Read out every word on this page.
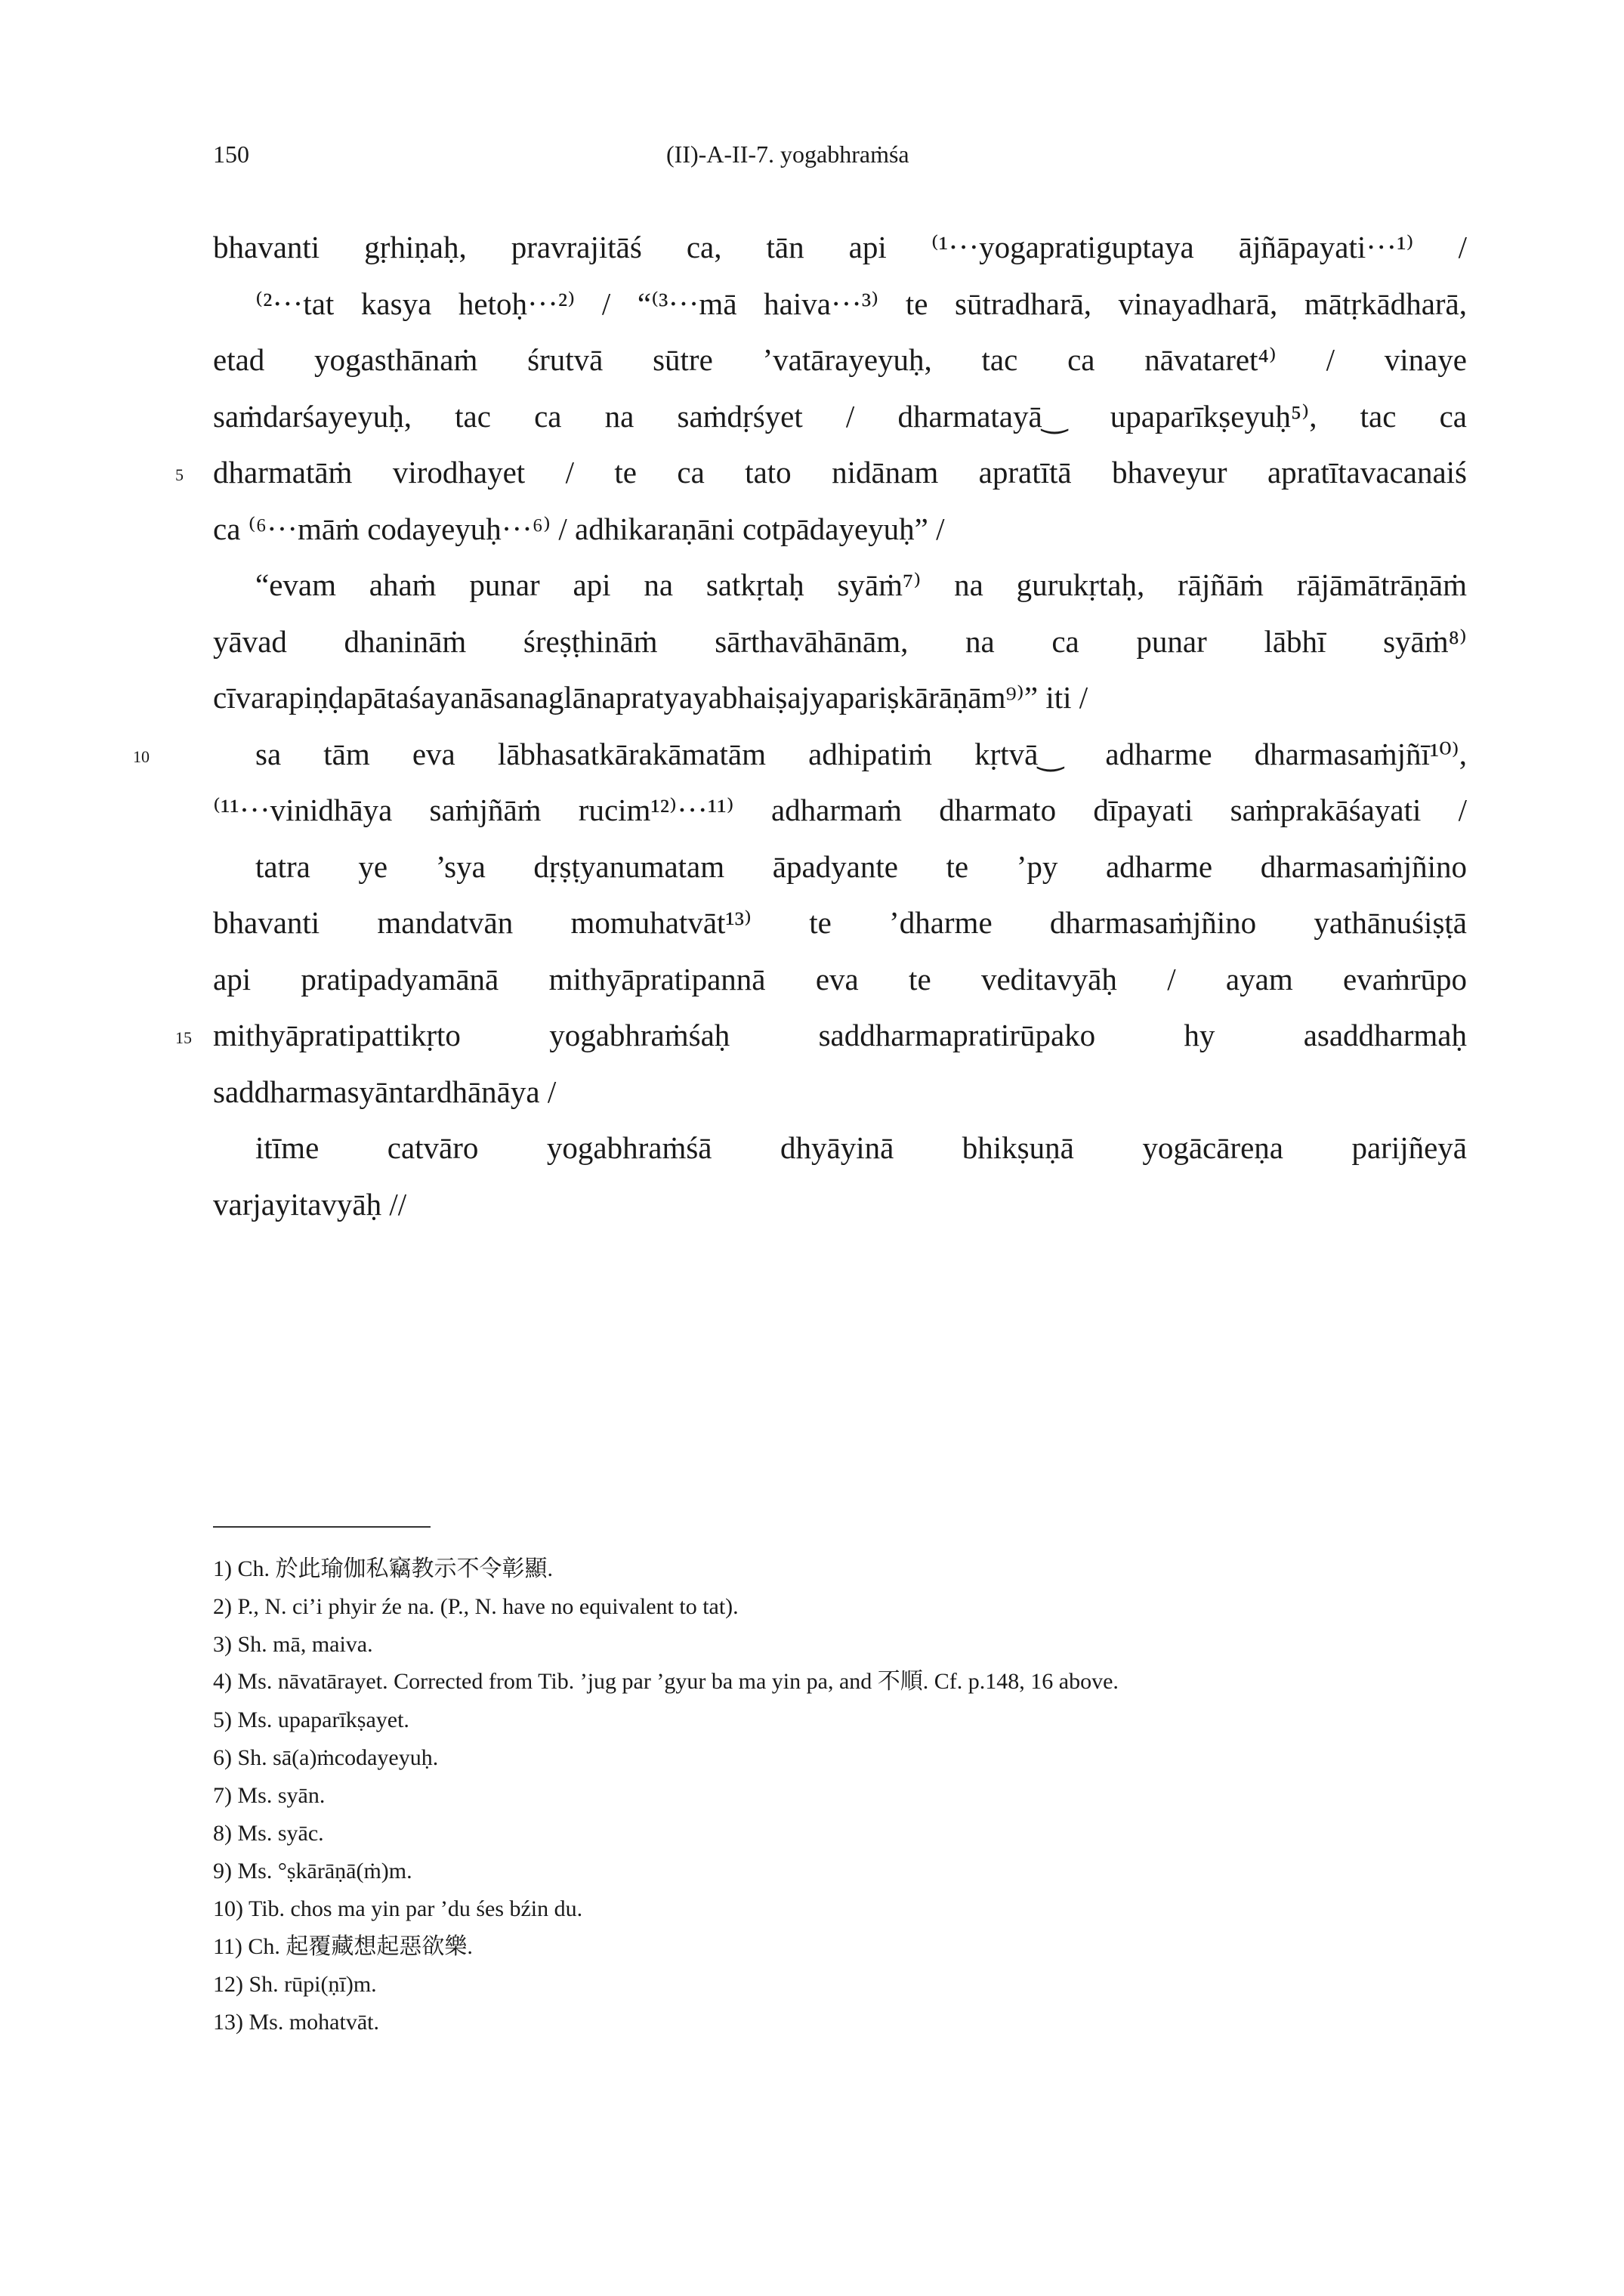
150	(II)-A-II-7. yogabhraṁśa
bhavanti gṛhiṇaḥ, pravrajitāś ca, tān api ⁽¹···yogapratiguptaya ājñāpayati···¹⁾ /
⁽²···tat kasya hetoḥ···²⁾ / “⁽³···mā haiva···³⁾ te sūtradharā, vinayadharā, mātṛkādharā,
etad yogasthānaṁ śrutvā sūtre ’vatārayeyuḥ, tac ca nāvataret⁴⁾ / vinaye
saṁdarśayeyuḥ, tac ca na saṁdṛśyet / dharmatayā‿ upaparīkṣeyuḥ⁵⁾, tac ca
5 dharmatāṁ virodhayet / te ca tato nidānam apratītā bhaveyur apratītavacanaiś
ca ⁽⁶···māṁ codayeyuḥ···⁶⁾ / adhikaraṇāni cotpādayeyuḥ” /
“evam ahaṁ punar api na satkṛtaḥ syāṁ⁷⁾ na gurukṛtaḥ, rājñāṁ rājāmātrāṇāṁ
yāvad dhanināṁ śreṣṭhināṁ sārthavāhānām, na ca punar lābhī syāṁ⁸⁾
cīvarapiṇḍapātaśayanāsanaglānapratyayabhaiṣajyapariṣkārāṇām⁹⁾” iti /
10	sa tām eva lābhasatkārakāmatām adhipatiṁ kṛtvā‿ adharme dharmasaṁjñī¹⁰⁾,
⁽¹¹···vinidhāya saṁjñāṁ rucim¹²⁾···¹¹⁾ adharmaṁ dharmato dīpayati saṁprakāśayati /
tatra ye ’sya dṛṣṭyanumatam āpadyante te ’py adharme dharmasaṁjñino
bhavanti mandatvān momuhatvāt¹³⁾ te ’dharme dharmasaṁjñino yathānuśiṣṭā
api pratipadyamānā mithyāpratipannā eva te veditavyāḥ / ayam evaṁrūpo
15 mithyāpratipattikṛto yogabhraṁśaḥ saddharmapratirūpako hy asaddharmaḥ
saddharmasyāntardhānāya /
itīme catvāro yogabhraṁśā dhyāyinā bhikṣuṇā yogācāreṇa parijñeyā
varjayitavyāḥ //
1) Ch. 於此瑜伽私竊教示不令彰顯.
2) P., N. ci’i phyir źe na. (P., N. have no equivalent to tat).
3) Sh. mā, maiva.
4) Ms. nāvatārayet. Corrected from Tib. ’jug par ’gyur ba ma yin pa, and 不順. Cf. p.148, 16 above.
5) Ms. upaparīkṣayet.
6) Sh. sā(a)ṁcodayeyuḥ.
7) Ms. syān.
8) Ms. syāc.
9) Ms. °ṣkārāṇā(ṁ)m.
10) Tib. chos ma yin par ’du śes bźin du.
11) Ch. 起覆藏想起惡欲樂.
12) Sh. rūpi(ṇī)m.
13) Ms. mohatvāt.
